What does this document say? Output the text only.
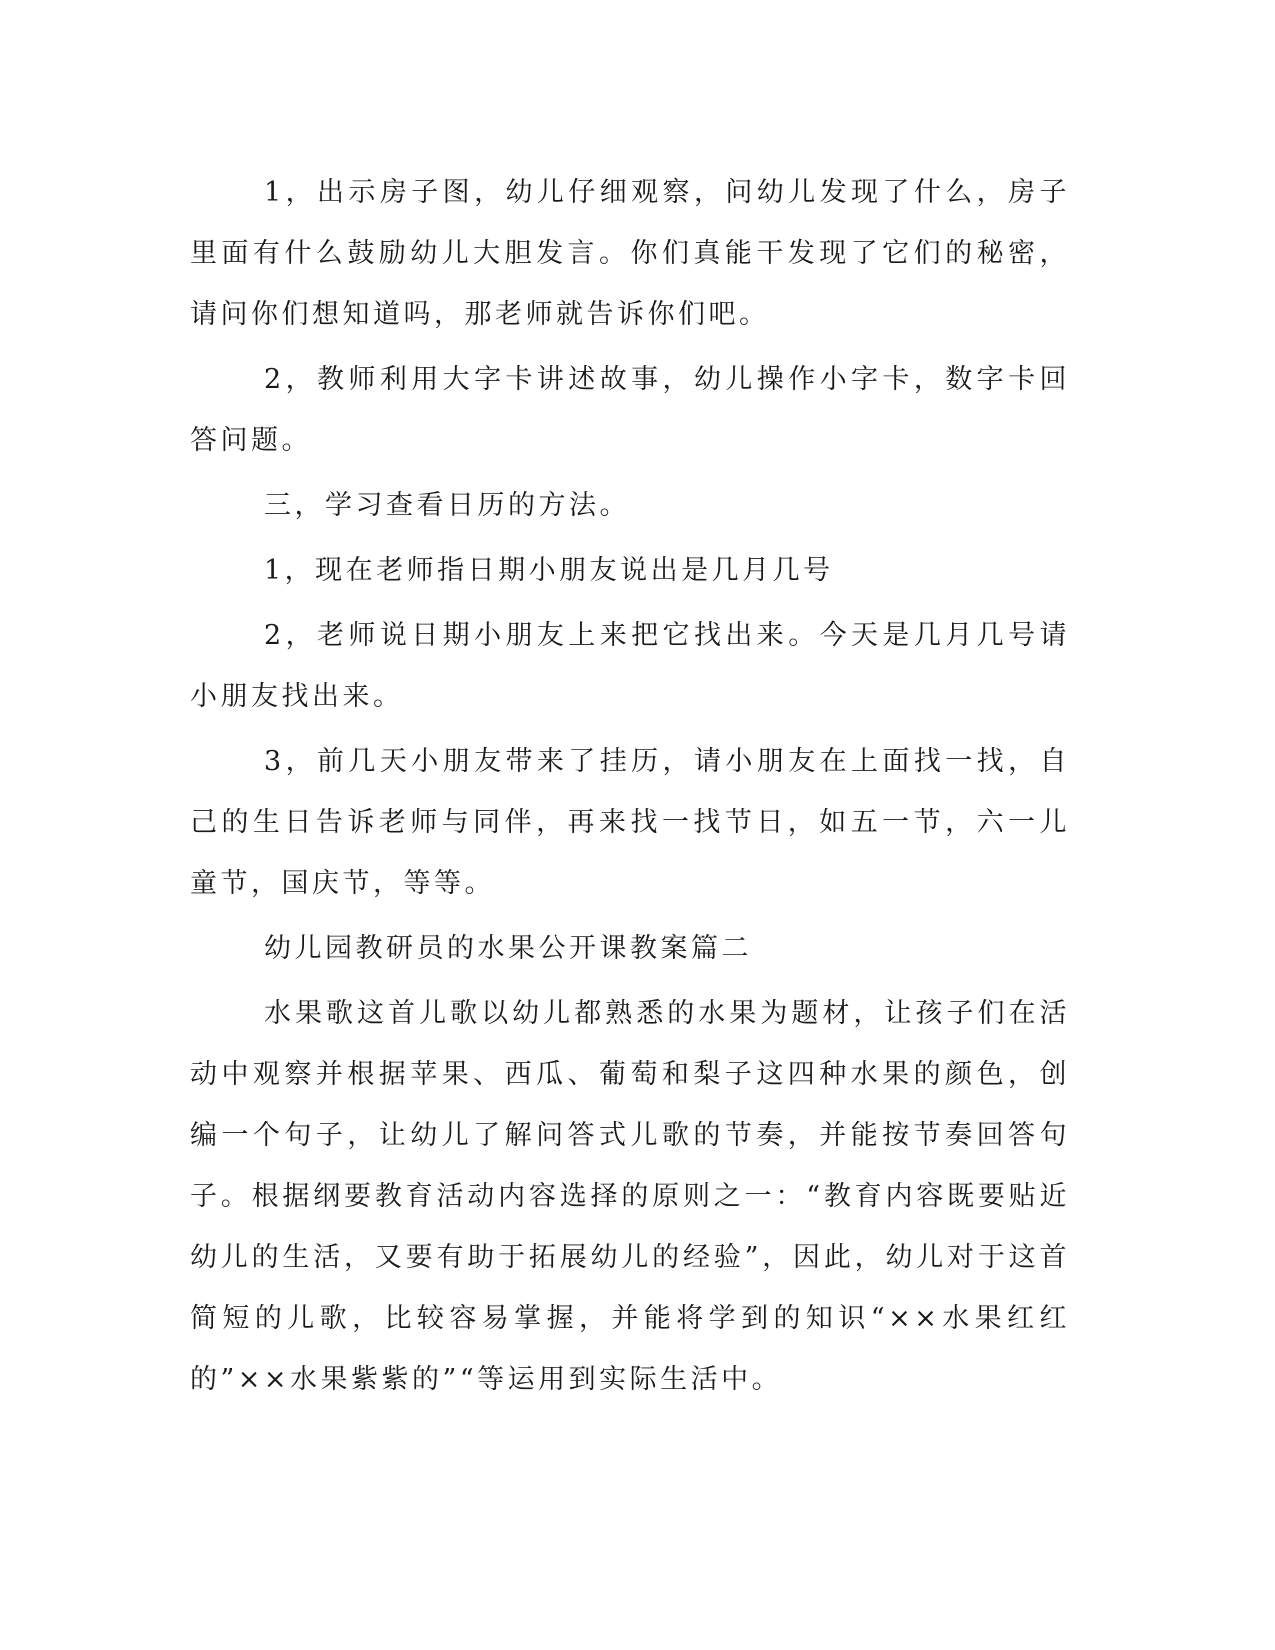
1，出示房子图，幼儿仔细观察，问幼儿发现了什么，房子里面有什么鼓励幼儿大胆发言。你们真能干发现了它们的秘密，请问你们想知道吗，那老师就告诉你们吧。

2，教师利用大字卡讲述故事，幼儿操作小字卡，数字卡回答问题。

三，学习查看日历的方法。

1，现在老师指日期小朋友说出是几月几号

2，老师说日期小朋友上来把它找出来。今天是几月几号请小朋友找出来。

3，前几天小朋友带来了挂历，请小朋友在上面找一找，自己的生日告诉老师与同伴，再来找一找节日，如五一节，六一儿童节，国庆节，等等。

幼儿园教研员的水果公开课教案篇二

水果歌这首儿歌以幼儿都熟悉的水果为题材，让孩子们在活动中观察并根据苹果、西瓜、葡萄和梨子这四种水果的颜色，创编一个句子，让幼儿了解问答式儿歌的节奏，并能按节奏回答句子。根据纲要教育活动内容选择的原则之一：“教育内容既要贴近幼儿的生活，又要有助于拓展幼儿的经验”，因此，幼儿对于这首简短的儿歌，比较容易掌握，并能将学到的知识“××水果红红的”××水果紫紫的”“等运用到实际生活中。
